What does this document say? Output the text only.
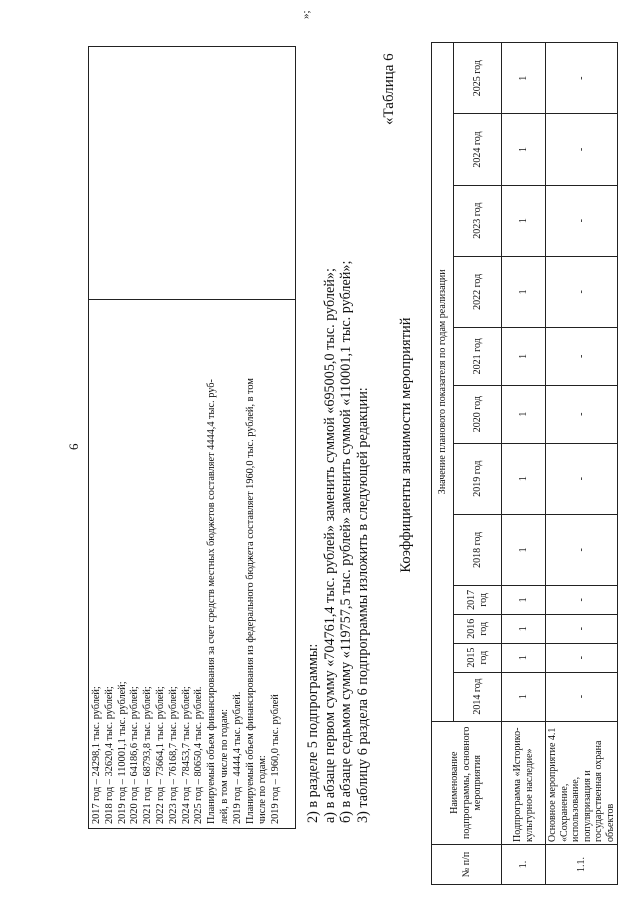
6
2017 год – 24298,1 тыс. рублей; 2018 год – 32620,4 тыс. рублей; 2019 год – 110001,1 тыс. рублей; 2020 год – 64186,6 тыс. рублей; 2021 год – 68793,8 тыс. рублей; 2022 год – 73664,1 тыс. рублей; 2023 год – 76168,7 тыс. рублей; 2024 год – 78453,7 тыс. рублей; 2025 год – 80650,4 тыс. рублей. Планируемый объем финансирования за счет средств местных бюджетов составляет 4444,4 тыс. руб- лей, в том числе по годам: 2019 год – 4444,4 тыс. рублей. Планируемый объем финансирования из федерального бюджета составляет 1960,0 тыс. рублей, в том числе по годам: 2019 год – 1960,0 тыс. рублей
»;
2) в разделе 5 подпрограммы: а) в абзаце первом сумму «704761,4 тыс. рублей» заменить суммой «695005,0 тыс. рублей»; б) в абзаце седьмом сумму «119757,5 тыс. рублей» заменить суммой «110001,1 тыс. рублей»; 3) таблицу 6 раздела 6 подпрограммы изложить в следующей редакции:
«Таблица 6
Коэффициенты значимости мероприятий
№ п/п	Наименование подпрограммы, основного мероприятия	Значение планового показателя по годам реализации											
		2014 год	2015 год	2016 год	2017 год	2018 год	2019 год	2020 год	2021 год	2022 год	2023 год	2024 год	2025 год
1.	Подпрограмма «Историко-культурное наследие»	1	1	1	1	1	1	1	1	1	1	1	1
1.1.	Основное мероприятие 4.1 «Сохранение, использование, популяризация и государственная охрана объектов	-	-	-	-	-	-	-	-	-	-	-	-
